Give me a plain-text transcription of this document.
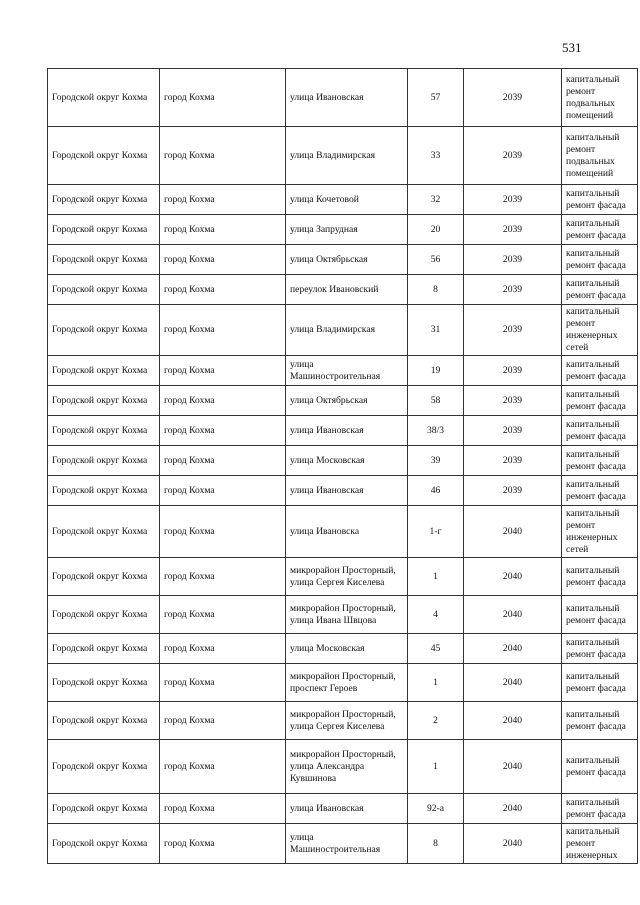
531
Городской округ Кохма	город Кохма	улица Ивановская	57	2039	капитальный ремонт подвальных помещений
Городской округ Кохма	город Кохма	улица Владимирская	33	2039	капитальный ремонт подвальных помещений
Городской округ Кохма	город Кохма	улица Кочетовой	32	2039	капитальный ремонт фасада
Городской округ Кохма	город Кохма	улица Запрудная	20	2039	капитальный ремонт фасада
Городской округ Кохма	город Кохма	улица Октябрьская	56	2039	капитальный ремонт фасада
Городской округ Кохма	город Кохма	переулок Ивановский	8	2039	капитальный ремонт фасада
Городской округ Кохма	город Кохма	улица Владимирская	31	2039	капитальный ремонт инженерных сетей
Городской округ Кохма	город Кохма	улица Машиностроительная	19	2039	капитальный ремонт фасада
Городской округ Кохма	город Кохма	улица Октябрьская	58	2039	капитальный ремонт фасада
Городской округ Кохма	город Кохма	улица Ивановская	38/3	2039	капитальный ремонт фасада
Городской округ Кохма	город Кохма	улица Московская	39	2039	капитальный ремонт фасада
Городской округ Кохма	город Кохма	улица Ивановская	46	2039	капитальный ремонт фасада
Городской округ Кохма	город Кохма	улица Ивановска	1-г	2040	капитальный ремонт инженерных сетей
Городской округ Кохма	город Кохма	микрорайон Просторный, улица Сергея Киселева	1	2040	капитальный ремонт фасада
Городской округ Кохма	город Кохма	микрорайон Просторный, улица Ивана Швцова	4	2040	капитальный ремонт фасада
Городской округ Кохма	город Кохма	улица Московская	45	2040	капитальный ремонт фасада
Городской округ Кохма	город Кохма	микрорайон Просторный, проспект Героев	1	2040	капитальный ремонт фасада
Городской округ Кохма	город Кохма	микрорайон Просторный, улица Сергея Киселева	2	2040	капитальный ремонт фасада
Городской округ Кохма	город Кохма	микрорайон Просторный, улица Александра Кувшинова	1	2040	капитальный ремонт фасада
Городской округ Кохма	город Кохма	улица Ивановская	92-а	2040	капитальный ремонт фасада
Городской округ Кохма	город Кохма	улица Машиностроительная	8	2040	капитальный ремонт инженерных
